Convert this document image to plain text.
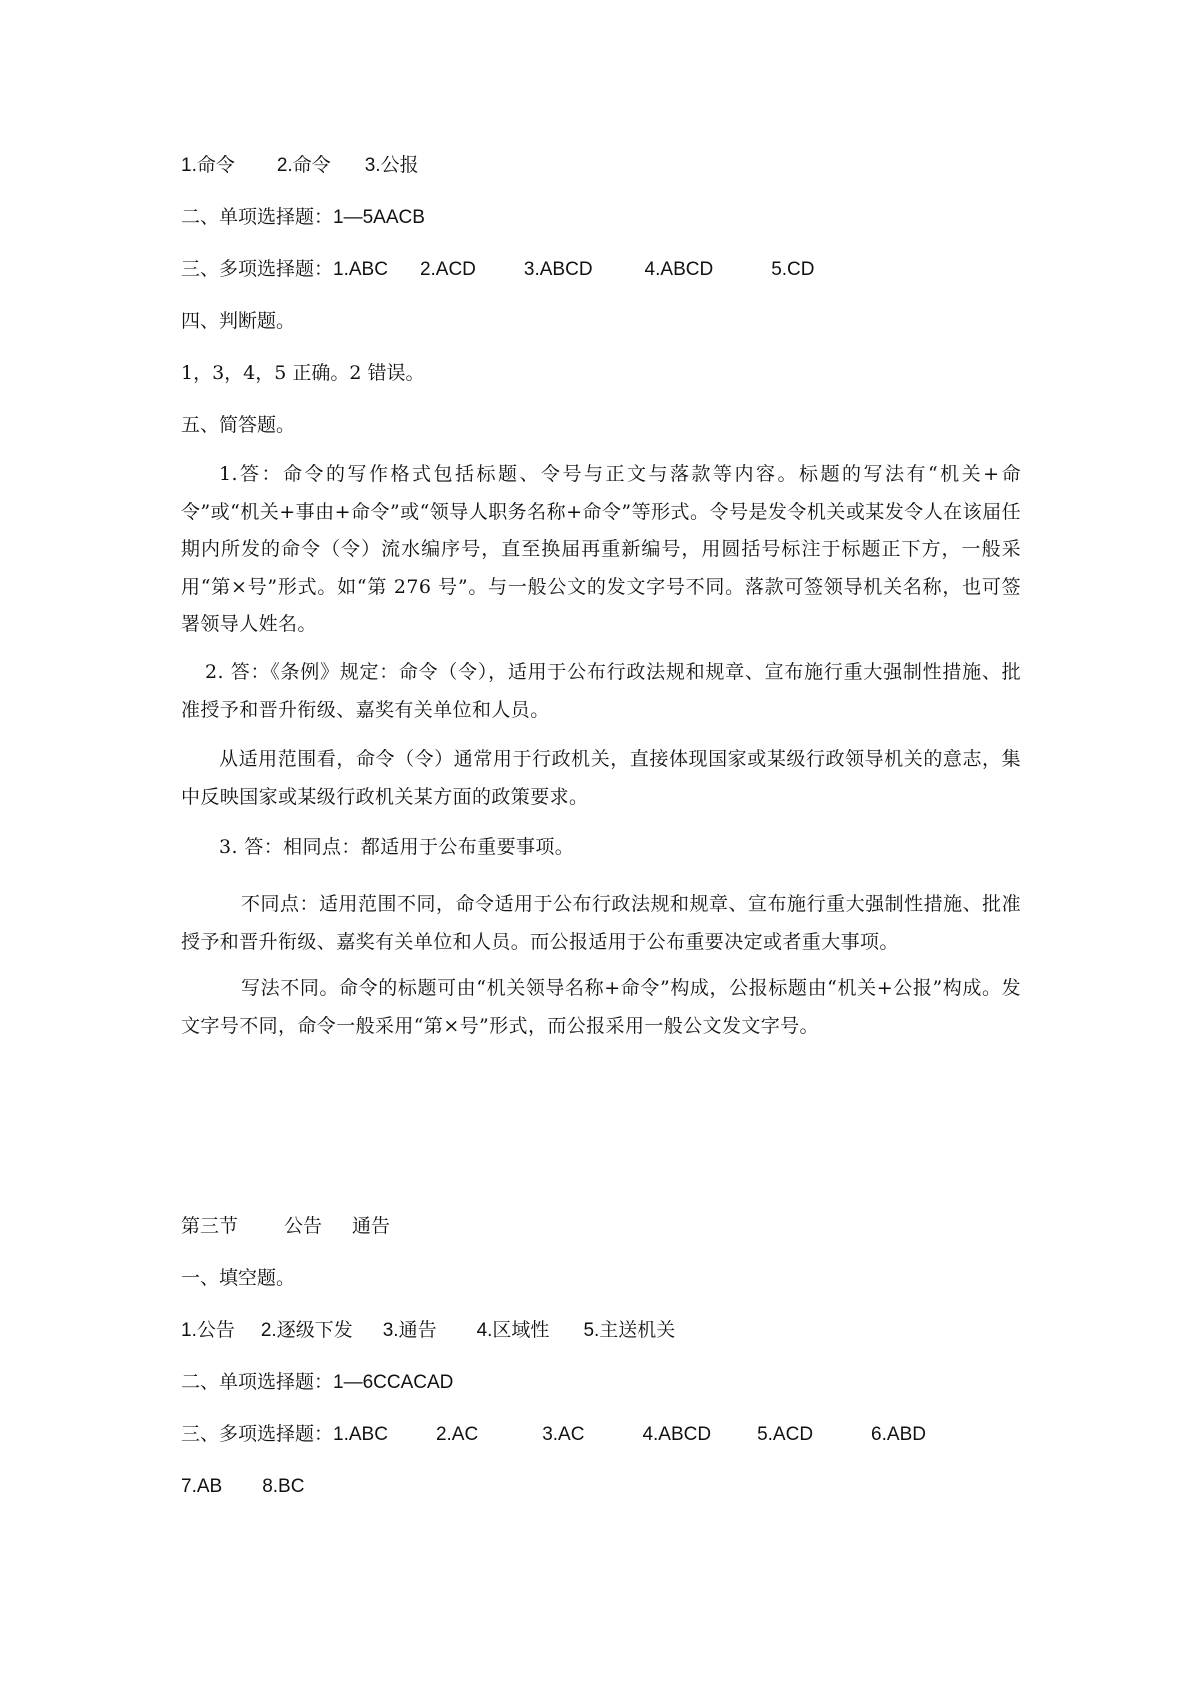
1.命令 2.命令 3.公报
二、单项选择题：1—5AACB
三、多项选择题：1.ABC 2.ACD	3.ABCD	4.ABCD	5.CD
四、判断题。
1，3，4，5 正确。2 错误。
五、简答题。
1.答：命令的写作格式包括标题、令号与正文与落款等内容。标题的写法有“机关+命令”或“机关+事由+命令”或“领导人职务名称+命令”等形式。令号是发令机关或某发令人在该届任期内所发的命令（令）流水编序号，直至换届再重新编号，用圆括号标注于标题正下方，一般采用“第×号”形式。如“第 276 号”。与一般公文的发文字号不同。落款可签领导机关名称，也可签署领导人姓名。
2. 答：《条例》规定：命令（令），适用于公布行政法规和规章、宣布施行重大强制性措施、批准授予和晋升衔级、嘉奖有关单位和人员。
从适用范围看，命令（令）通常用于行政机关，直接体现国家或某级行政领导机关的意志，集中反映国家或某级行政机关某方面的政策要求。
3. 答：相同点：都适用于公布重要事项。
不同点：适用范围不同，命令适用于公布行政法规和规章、宣布施行重大强制性措施、批准授予和晋升衔级、嘉奖有关单位和人员。而公报适用于公布重要决定或者重大事项。
写法不同。命令的标题可由“机关领导名称+命令”构成，公报标题由“机关+公报”构成。发文字号不同，命令一般采用“第×号”形式，而公报采用一般公文发文字号。
第三节 公告 通告
一、填空题。
1.公告 2.逐级下发 3.通告 4.区域性 5.主送机关
二、单项选择题：1—6CCACAD
三、多项选择题：1.ABC	2.AC	3.AC	4.ABCD 5.ACD	6.ABD
7.AB 8.BC
